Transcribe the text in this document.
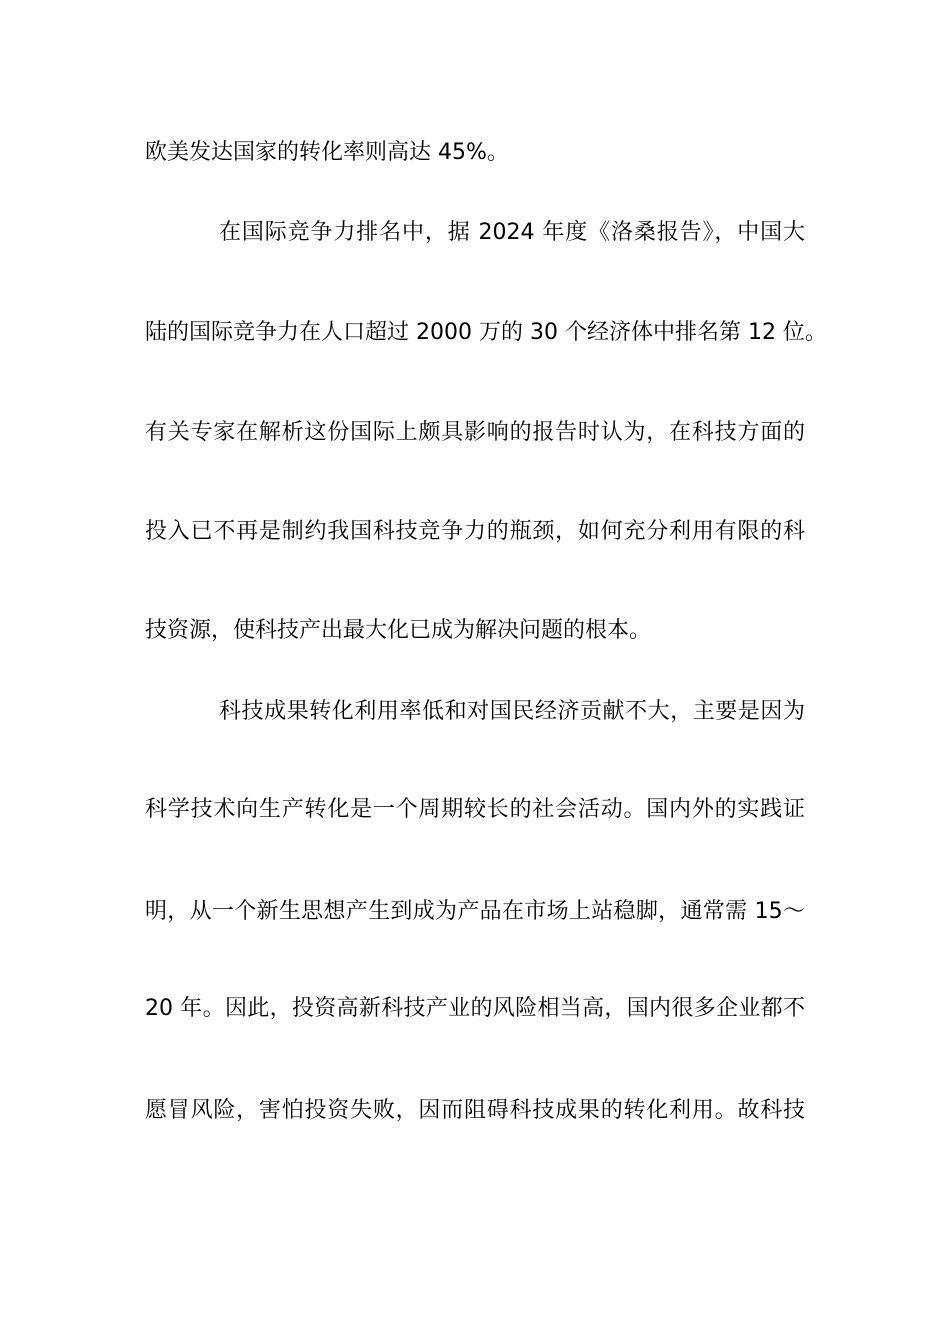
欧美发达国家的转化率则高达 45%。
在国际竞争力排名中，据 2024 年度《洛桑报告》，中国大
陆的国际竞争力在人口超过 2000 万的 30 个经济体中排名第 12 位。
有关专家在解析这份国际上颇具影响的报告时认为，在科技方面的
投入已不再是制约我国科技竞争力的瓶颈，如何充分利用有限的科
技资源，使科技产出最大化已成为解决问题的根本。
科技成果转化利用率低和对国民经济贡献不大，主要是因为
科学技术向生产转化是一个周期较长的社会活动。国内外的实践证
明，从一个新生思想产生到成为产品在市场上站稳脚，通常需 15～
20 年。因此，投资高新科技产业的风险相当高，国内很多企业都不
愿冒风险，害怕投资失败，因而阻碍科技成果的转化利用。故科技
